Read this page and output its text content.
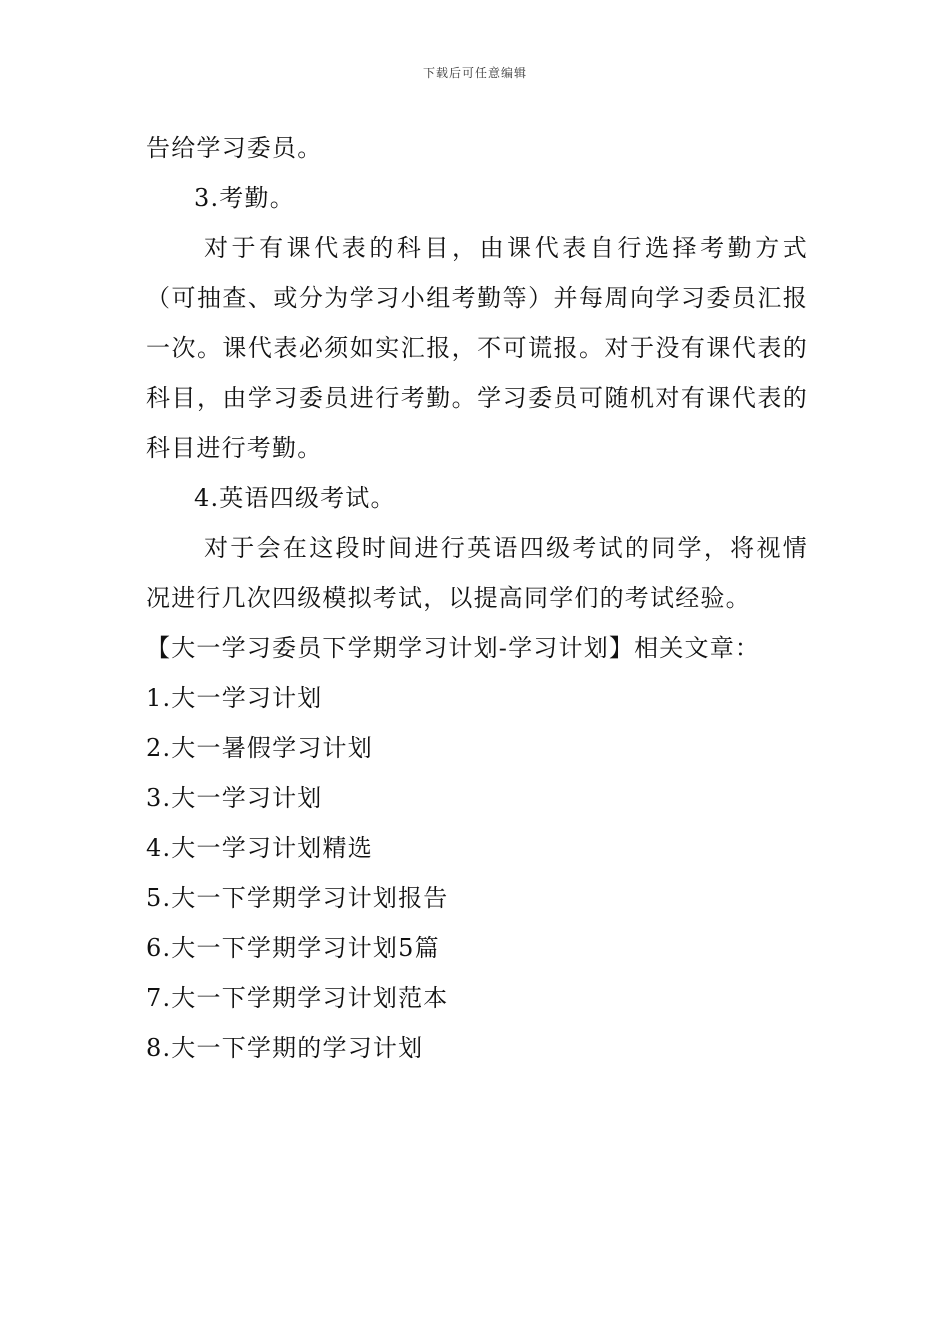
下载后可任意编辑
告给学习委员。
3.考勤。

对于有课代表的科目，由课代表自行选择考勤方式（可抽查、或分为学习小组考勤等）并每周向学习委员汇报一次。课代表必须如实汇报，不可谎报。对于没有课代表的科目，由学习委员进行考勤。学习委员可随机对有课代表的科目进行考勤。

4.英语四级考试。

对于会在这段时间进行英语四级考试的同学，将视情况进行几次四级模拟考试，以提高同学们的考试经验。

【大一学习委员下学期学习计划-学习计划】相关文章：
1.大一学习计划
2.大一暑假学习计划
3.大一学习计划
4.大一学习计划精选
5.大一下学期学习计划报告
6.大一下学期学习计划5篇
7.大一下学期学习计划范本
8.大一下学期的学习计划
